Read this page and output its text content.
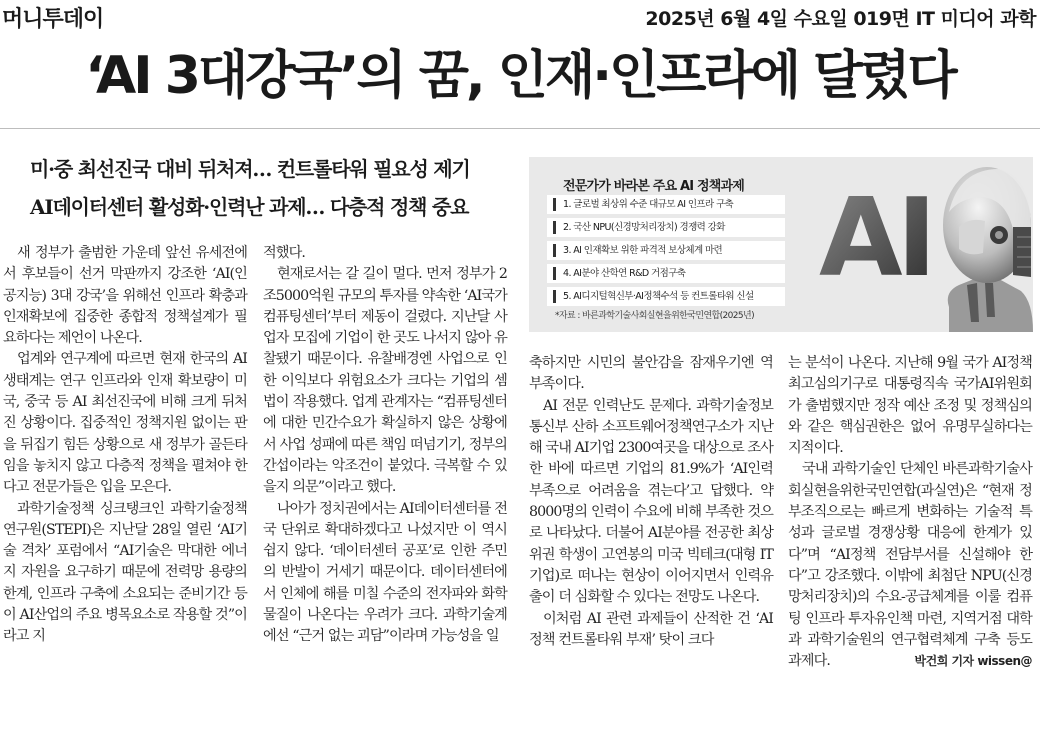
머니투데이	2025년 6월 4일 수요일 019면 IT 미디어 과학
‘AI 3대강국’의 꿈, 인재·인프라에 달렸다
미·중 최선진국 대비 뒤처져… 컨트롤타워 필요성 제기
AI데이터센터 활성화·인력난 과제… 다층적 정책 중요
전문가가 바라본 주요 AI 정책과제
1. 글로벌 최상위 수준 대규모 AI 인프라 구축
2. 국산 NPU(신경망처리장치) 경쟁력 강화
3. AI 인재확보 위한 파격적 보상체계 마련
4. AI분야 산학연 R&D 거점구축
5. AI디지털혁신부·AI정책수석 등 컨트롤타워 신설
*자료 : 바른과학기술사회실현을위한국민연합(2025년)
AI

새 정부가 출범한 가운데 앞선 유세전에서 후보들이 선거 막판까지 강조한 ‘AI(인공지능) 3대 강국’을 위해선 인프라 확충과 인재확보에 집중한 종합적 정책설계가 필요하다는 제언이 나온다.

업계와 연구계에 따르면 현재 한국의 AI생태계는 연구 인프라와 인재 확보량이 미국, 중국 등 AI 최선진국에 비해 크게 뒤처진 상황이다. 집중적인 정책지원 없이는 판을 뒤집기 힘든 상황으로 새 정부가 골든타임을 놓치지 않고 다층적 정책을 펼쳐야 한다고 전문가들은 입을 모은다.

과학기술정책 싱크탱크인 과학기술정책연구원(STEPI)은 지난달 28일 열린 ‘AI기술 격차’ 포럼에서 “AI기술은 막대한 에너지 자원을 요구하기 때문에 전력망 용량의 한계, 인프라 구축에 소요되는 준비기간 등이 AI산업의 주요 병목요소로 작용할 것”이라고 지

적했다.

현재로서는 갈 길이 멀다. 먼저 정부가 2조5000억원 규모의 투자를 약속한 ‘AI국가컴퓨팅센터’부터 제동이 걸렸다. 지난달 사업자 모집에 기업이 한 곳도 나서지 않아 유찰됐기 때문이다. 유찰배경엔 사업으로 인한 이익보다 위험요소가 크다는 기업의 셈법이 작용했다. 업계 관계자는 “컴퓨팅센터에 대한 민간수요가 확실하지 않은 상황에서 사업 성패에 따른 책임 떠넘기기, 정부의 간섭이라는 악조건이 붙었다. 극복할 수 있을지 의문”이라고 했다.

나아가 정치권에서는 AI데이터센터를 전국 단위로 확대하겠다고 나섰지만 이 역시 쉽지 않다. ‘데이터센터 공포’로 인한 주민의 반발이 거세기 때문이다. 데이터센터에서 인체에 해를 미칠 수준의 전자파와 화학물질이 나온다는 우려가 크다. 과학기술계에선 “근거 없는 괴담”이라며 가능성을 일

축하지만 시민의 불안감을 잠재우기엔 역부족이다.

AI 전문 인력난도 문제다. 과학기술정보통신부 산하 소프트웨어정책연구소가 지난해 국내 AI기업 2300여곳을 대상으로 조사한 바에 따르면 기업의 81.9%가 ‘AI인력 부족으로 어려움을 겪는다’고 답했다. 약 8000명의 인력이 수요에 비해 부족한 것으로 나타났다. 더불어 AI분야를 전공한 최상위권 학생이 고연봉의 미국 빅테크(대형 IT기업)로 떠나는 현상이 이어지면서 인력유출이 더 심화할 수 있다는 전망도 나온다.

이처럼 AI 관련 과제들이 산적한 건 ‘AI정책 컨트롤타워 부재’ 탓이 크다

는 분석이 나온다. 지난해 9월 국가 AI정책 최고심의기구로 대통령직속 국가AI위원회가 출범했지만 정작 예산 조정 및 정책심의와 같은 핵심권한은 없어 유명무실하다는 지적이다.

국내 과학기술인 단체인 바른과학기술사회실현을위한국민연합(과실연)은 “현재 정부조직으로는 빠르게 변화하는 기술적 특성과 글로벌 경쟁상황 대응에 한계가 있다”며 “AI정책 전담부서를 신설해야 한다”고 강조했다. 이밖에 최첨단 NPU(신경망처리장치)의 수요-공급체계를 이룰 컴퓨팅 인프라 투자유인책 마련, 지역거점 대학과 과학기술원의 연구협력체계 구축 등도 과제다.	박건희 기자 wissen@
